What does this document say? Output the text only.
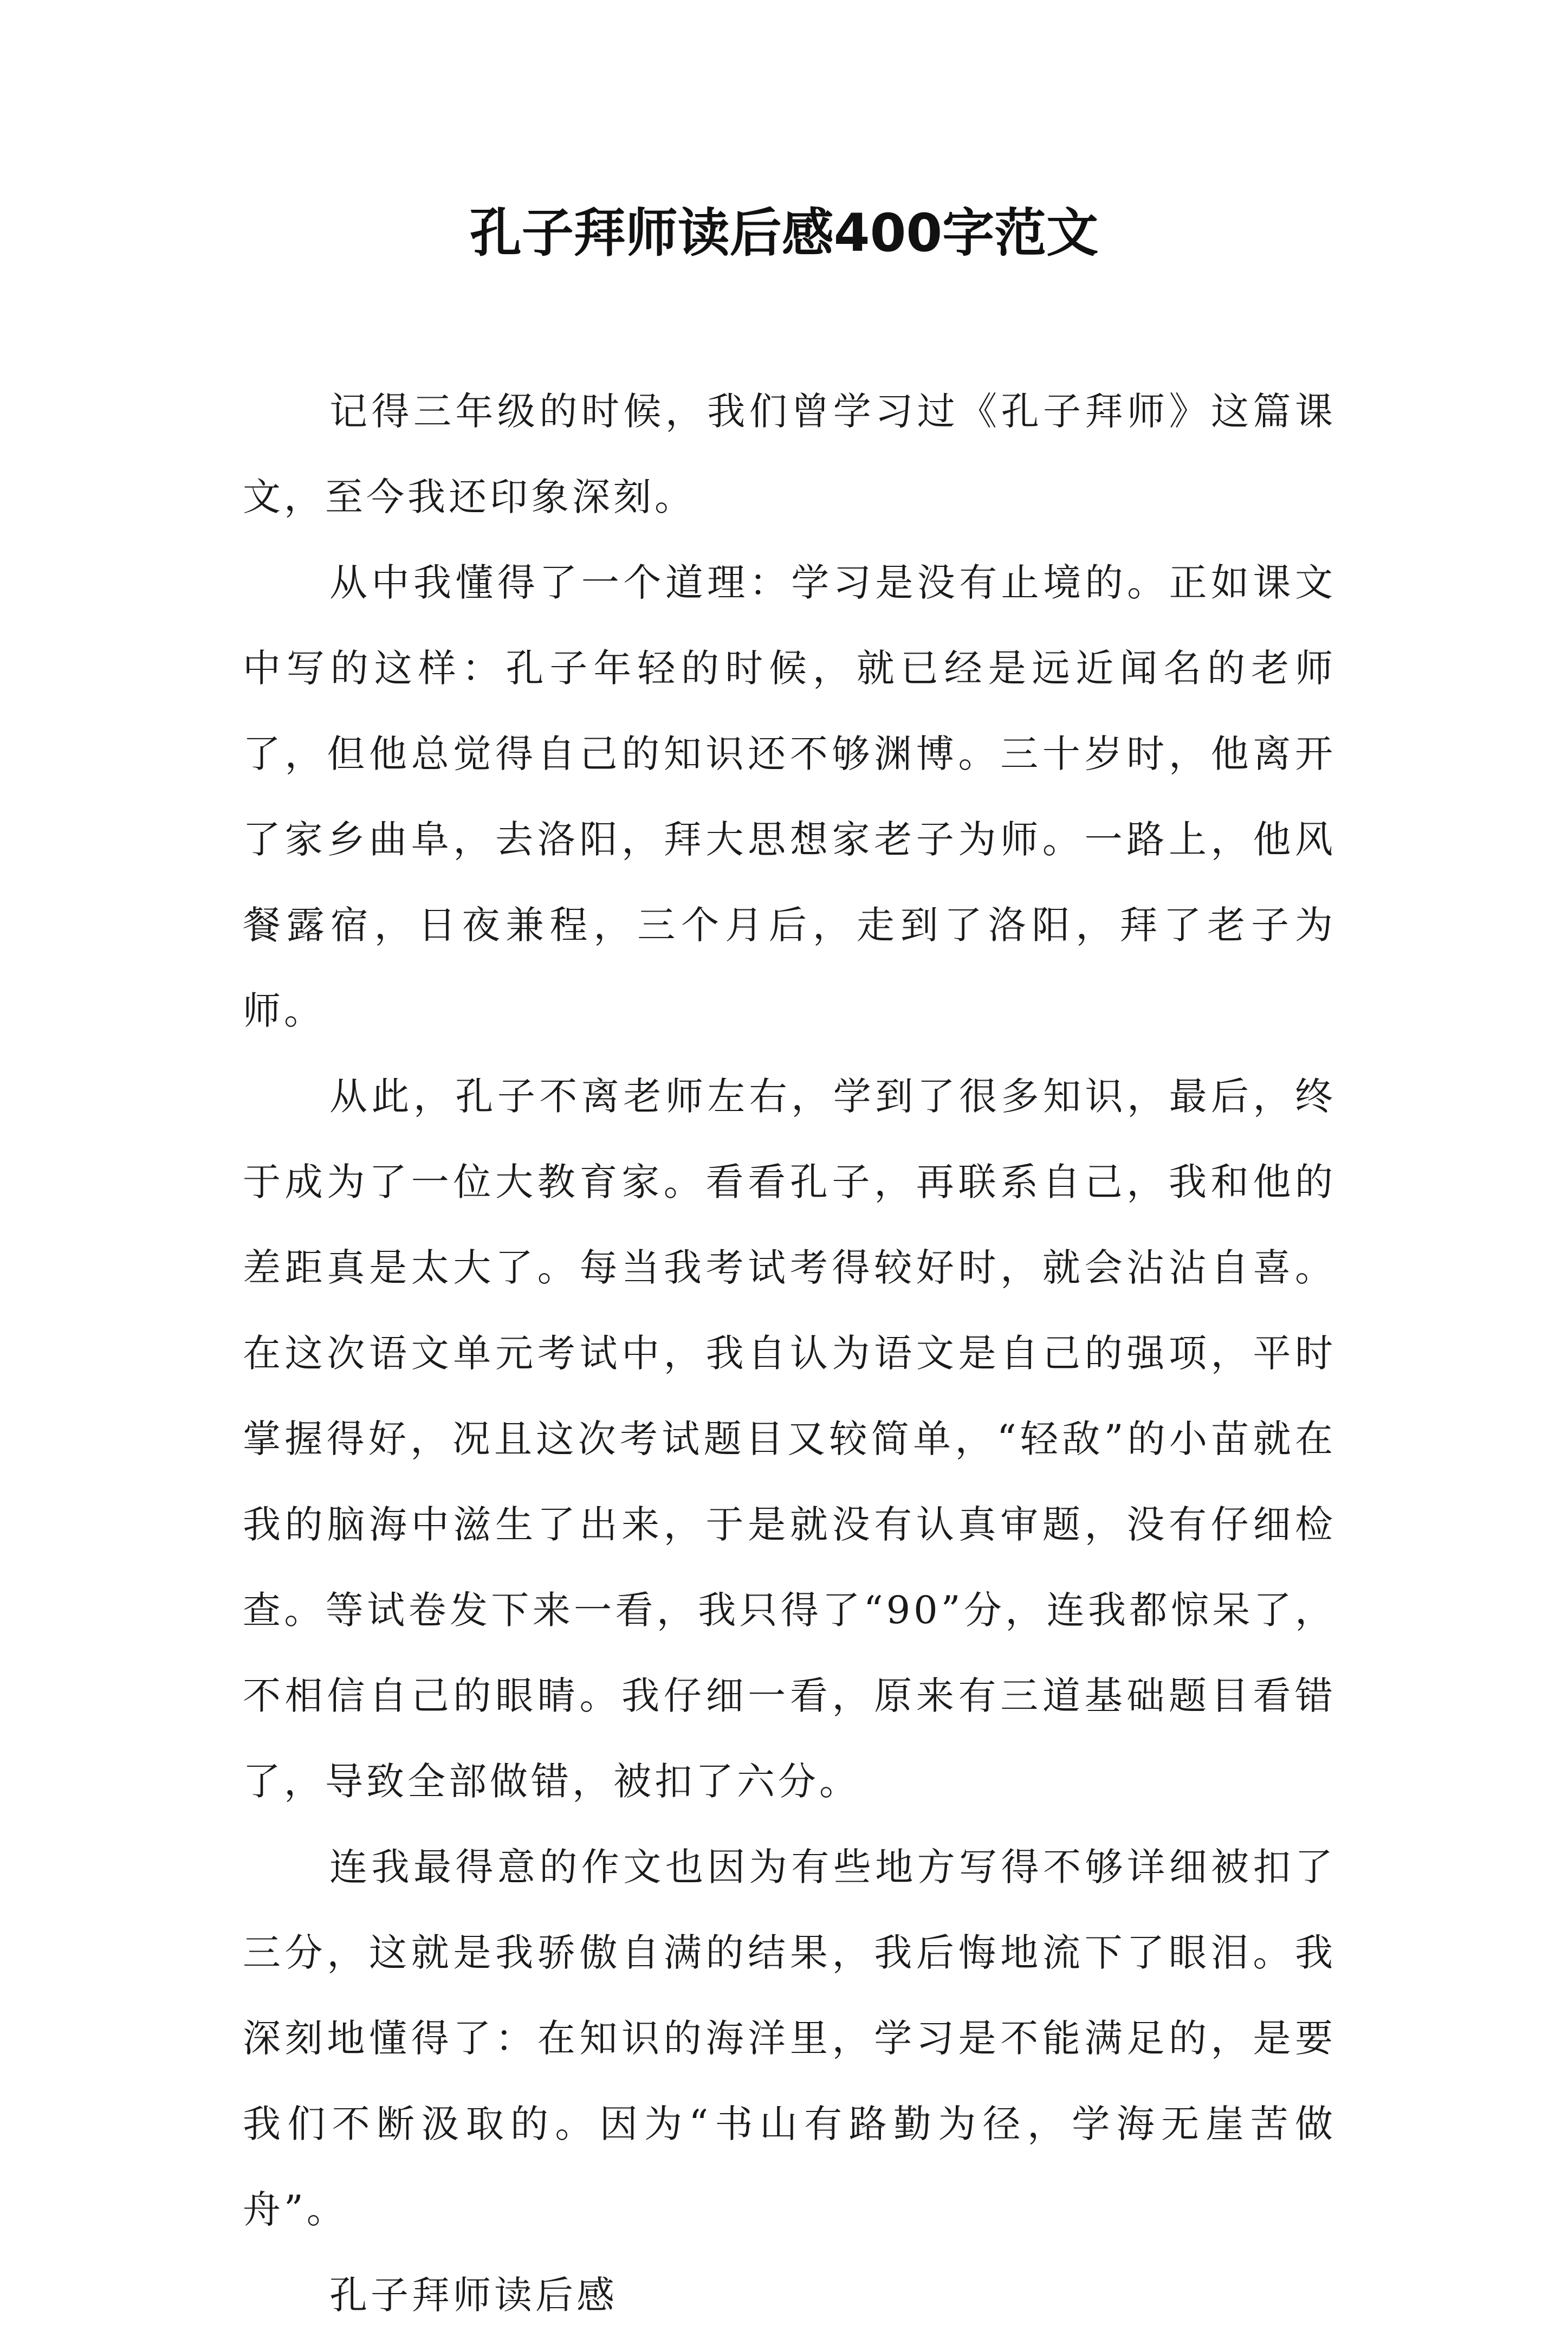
孔子拜师读后感400字范文

记得三年级的时候，我们曾学习过《孔子拜师》这篇课文，至今我还印象深刻。

从中我懂得了一个道理：学习是没有止境的。正如课文中写的这样：孔子年轻的时候，就已经是远近闻名的老师了，但他总觉得自己的知识还不够渊博。三十岁时，他离开了家乡曲阜，去洛阳，拜大思想家老子为师。一路上，他风餐露宿，日夜兼程，三个月后，走到了洛阳，拜了老子为师。

从此，孔子不离老师左右，学到了很多知识，最后，终于成为了一位大教育家。看看孔子，再联系自己，我和他的差距真是太大了。每当我考试考得较好时，就会沾沾自喜。在这次语文单元考试中，我自认为语文是自己的强项，平时掌握得好，况且这次考试题目又较简单，“轻敌”的小苗就在我的脑海中滋生了出来，于是就没有认真审题，没有仔细检查。等试卷发下来一看，我只得了“90”分，连我都惊呆了，不相信自己的眼睛。我仔细一看，原来有三道基础题目看错了，导致全部做错，被扣了六分。

连我最得意的作文也因为有些地方写得不够详细被扣了三分，这就是我骄傲自满的结果，我后悔地流下了眼泪。我深刻地懂得了：在知识的海洋里，学习是不能满足的，是要我们不断汲取的。因为“书山有路勤为径，学海无崖苦做舟”。

孔子拜师读后感
